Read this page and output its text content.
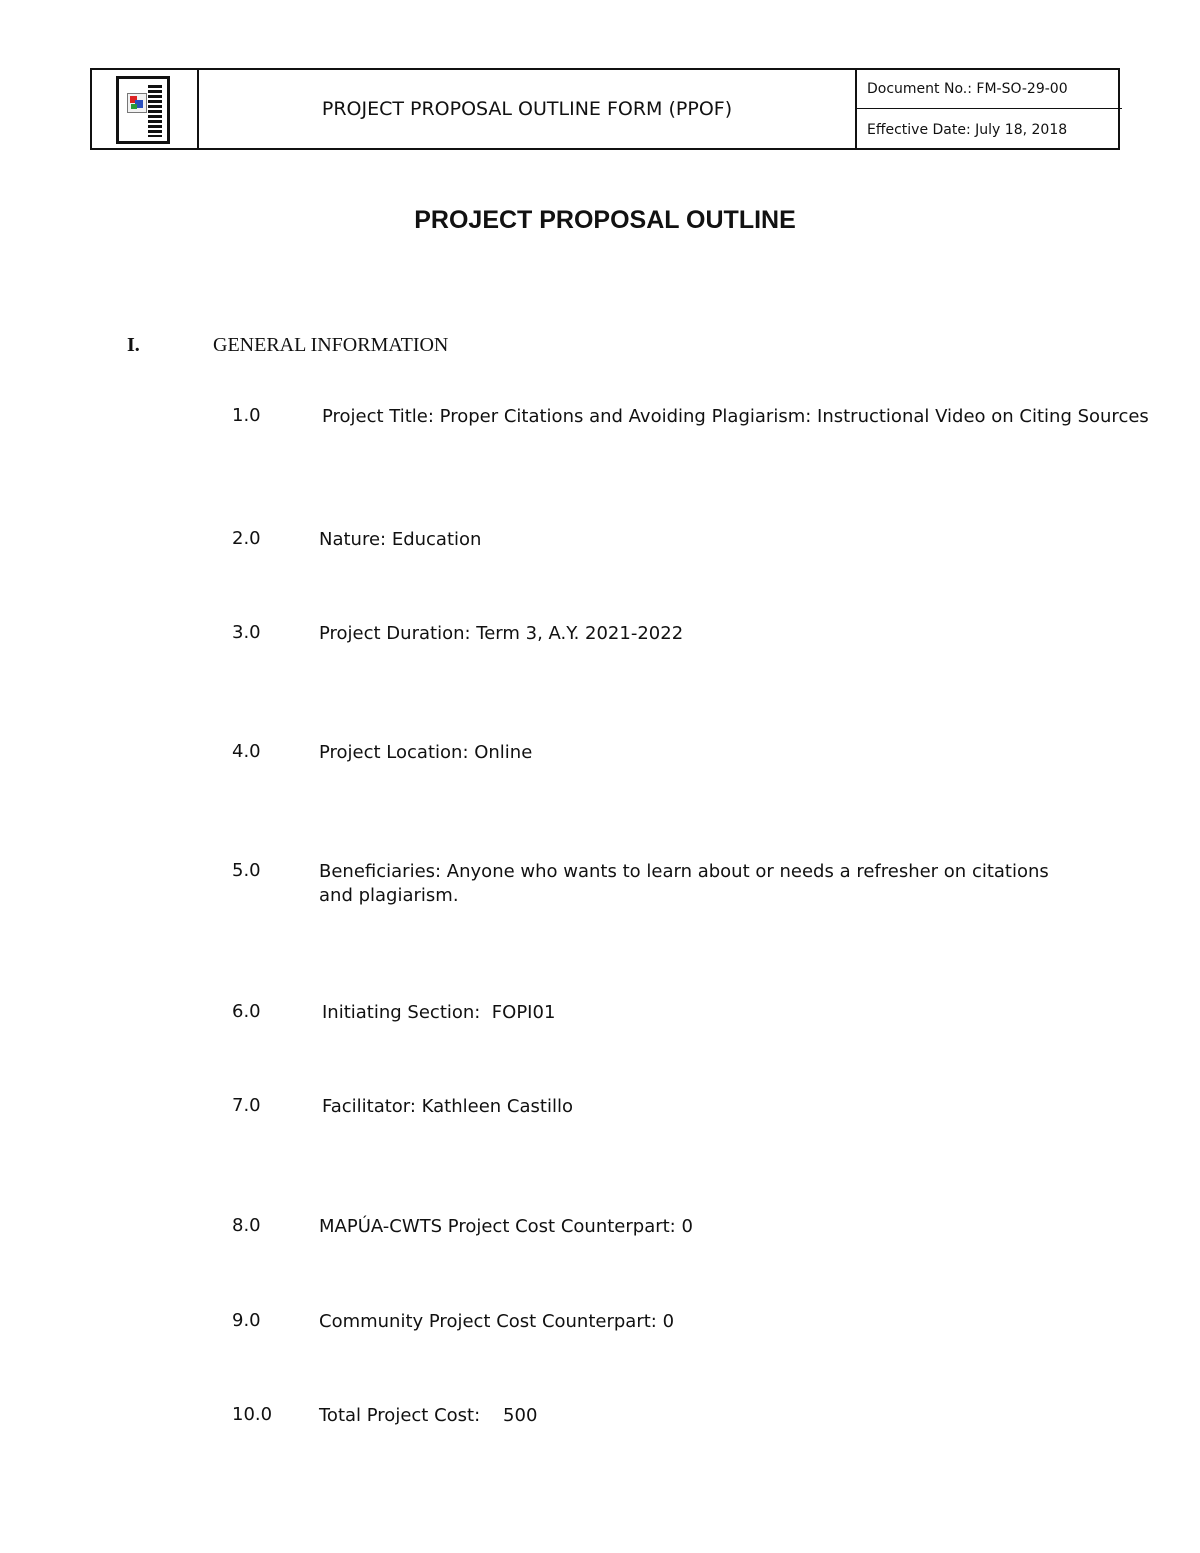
PROJECT PROPOSAL OUTLINE FORM (PPOF)
Document No.: FM-SO-29-00
Effective Date: July 18, 2018
PROJECT PROPOSAL OUTLINE
I.	GENERAL INFORMATION
1.0	Project Title: Proper Citations and Avoiding Plagiarism: Instructional Video on Citing Sources
2.0	Nature: Education
3.0	Project Duration: Term 3, A.Y. 2021-2022
4.0	Project Location: Online
5.0	Beneficiaries: Anyone who wants to learn about or needs a refresher on citations and plagiarism.
6.0	Initiating Section:  FOPI01
7.0	Facilitator: Kathleen Castillo
8.0	MAPÚA-CWTS Project Cost Counterpart: 0
9.0	Community Project Cost Counterpart: 0
10.0	Total Project Cost:    500
